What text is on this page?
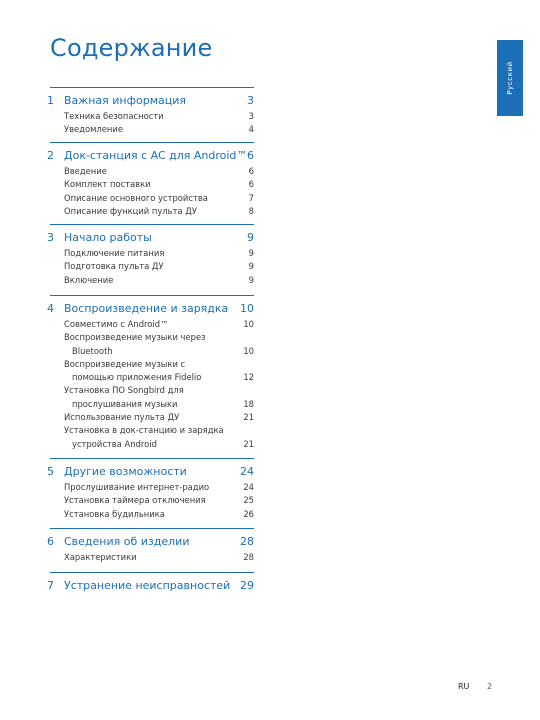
Содержание
Русский
1 Важная информация	3
Техника безопасности	3
Уведомление	4
2 Док-станция с AC для Android™ 6
Введение	6
Комплект поставки	6
Описание основного устройства	7
Описание функций пульта ДУ	8
3 Начало работы	9
Подключение питания	9
Подготовка пульта ДУ	9
Включение	9
4 Воспроизведение и зарядка 10
Совместимо с Android™	10
Воспроизведение музыки через
Bluetooth	10
Воспроизведение музыки с
помощью приложения Fidelio	12
Установка ПО Songbird для
прослушивания музыки	18
Использование пульта ДУ	21
Установка в док-станцию и зарядка
устройства Android	21
5 Другие возможности	24
Прослушивание интернет-радио	24
Установка таймера отключения	25
Установка будильника	26
6 Сведения об изделии	28
Характеристики	28
7 Устранение неисправностей 29
RU 2
